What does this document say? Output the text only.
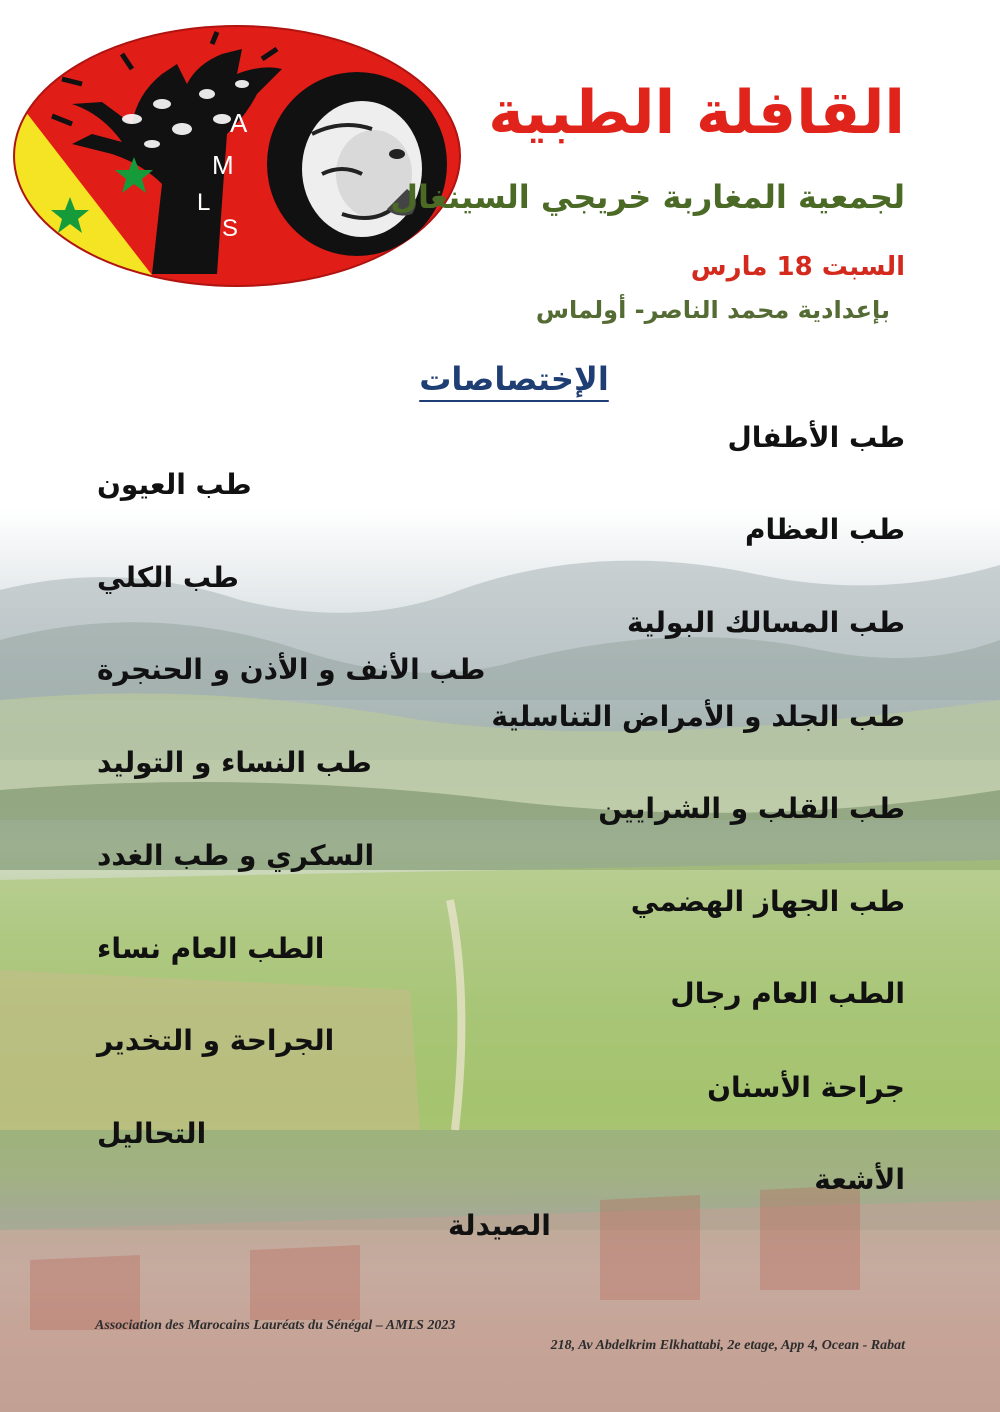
A
M
L
S

القافلة الطبية

لجمعية المغاربة خريجي السينغال

السبت 18 مارس

بإعدادية محمد الناصر- أولماس

الإختصاصات

طب الأطفال

طب العظام

طب المسالك البولية

طب الجلد و الأمراض التناسلية

طب القلب و الشرايين

طب الجهاز الهضمي

الطب العام رجال

جراحة الأسنان

الأشعة

طب العيون

طب الكلي

طب الأنف و الأذن و الحنجرة

طب النساء و التوليد

السكري و طب الغدد

الطب العام نساء

الجراحة و التخدير

التحاليل

الصيدلة

Association des Marocains Lauréats du Sénégal – AMLS 2023
218, Av Abdelkrim Elkhattabi, 2e etage, App 4, Ocean - Rabat
